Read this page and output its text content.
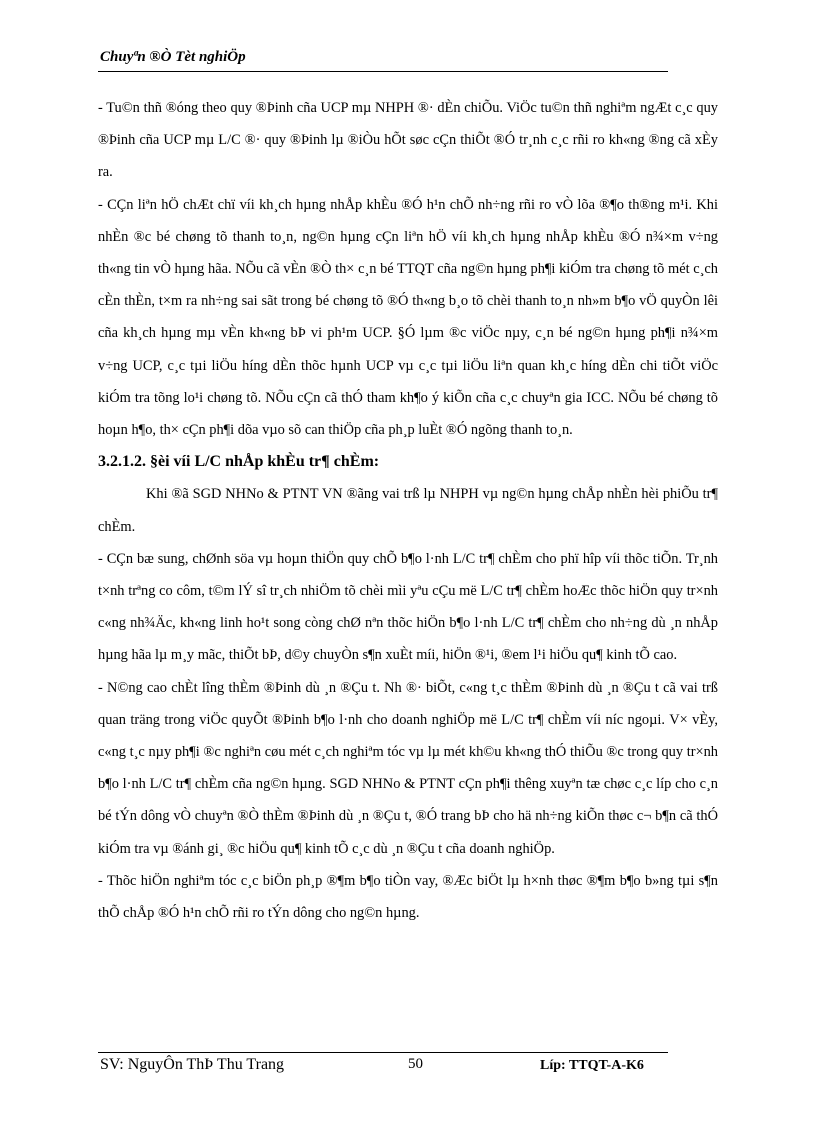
Chuyªn ®Ò Tèt nghiÖp

- Tu©n thñ ®óng theo quy ®Þinh cña UCP mµ NHPH ®· dÈn chiÕu. ViÖc tu©n thñ nghiªm ngÆt c¸c quy ®Þinh cña UCP mµ L/C ®· quy ®Þinh lµ ®iÒu hÕt søc cÇn thiÕt ®Ó tr¸nh c¸c rñi ro kh«ng ®ng cã xÈy ra.

- CÇn liªn hÖ chÆt chï víi kh¸ch hµng nhÅp khÈu ®Ó h¹n chÕ nh÷ng rñi ro vÒ lõa ®¶o th®ng m¹i. Khi nhÈn ®c bé chøng tõ thanh to¸n, ng©n hµng cÇn liªn hÖ víi kh¸ch hµng nhÅp khÈu ®Ó n¾×m v÷ng th«ng tin vÒ hµng hãa. NÕu cã vÈn ®Ò th× c¸n bé TTQT cña ng©n hµng ph¶i kiÓm tra chøng tõ mét c¸ch cÈn thÈn, t×m ra nh÷ng sai sãt trong bé chøng tõ ®Ó th«ng b¸o tõ chèi thanh to¸n nh»m b¶o vÖ quyÒn lêi cña kh¸ch hµng mµ vÈn kh«ng bÞ vi ph¹m UCP. §Ó lµm ®c viÖc nµy, c¸n bé ng©n hµng ph¶i n¾×m v÷ng UCP, c¸c tµi liÖu híng dÈn thõc hµnh UCP vµ c¸c tµi liÖu liªn quan kh¸c híng dÈn chi tiÕt viÖc kiÓm tra tõng lo¹i chøng tõ. NÕu cÇn cã thÓ tham kh¶o ý kiÕn cña c¸c chuyªn gia ICC. NÕu bé chøng tõ hoµn h¶o, th× cÇn ph¶i dõa vµo sõ can thiÖp cña ph¸p luÈt ®Ó ngõng thanh to¸n.

3.2.1.2. §èi víi L/C nhÅp khÈu tr¶ chÈm:

Khi ®ã SGD NHNo & PTNT VN ®ãng vai trß lµ NHPH vµ ng©n hµng chÅp nhÈn hèi phiÕu tr¶ chÈm.

- CÇn bæ sung, chØnh söa vµ hoµn thiÖn quy chÕ b¶o l·nh L/C tr¶ chÈm cho phï hîp víi thõc tiÕn. Tr¸nh t×nh trªng co côm, t©m lÝ sî tr¸ch nhiÖm tõ chèi mìi yªu cÇu më L/C tr¶ chÈm hoÆc thõc hiÖn quy tr×nh c«ng nh¾Äc, kh«ng linh ho¹t song còng chØ nªn thõc hiÖn b¶o l·nh L/C tr¶ chÈm cho nh÷ng dù ¸n nhÅp hµng hãa lµ m¸y mãc, thiÕt bÞ, d©y chuyÒn s¶n xuÈt míi, hiÖn ®¹i, ®em l¹i hiÖu qu¶ kinh tÕ cao.

- N©ng cao chÈt lîng thÈm ®Þinh dù ¸n ®Çu t. Nh ®· biÕt, c«ng t¸c thÈm ®Þinh dù ¸n ®Çu t cã vai trß quan träng trong viÖc quyÕt ®Þinh b¶o l·nh cho doanh nghiÖp më L/C tr¶ chÈm víi níc ngoµi. V× vÈy, c«ng t¸c nµy ph¶i ®c nghiªn cøu mét c¸ch nghiªm tóc vµ lµ mét kh©u kh«ng thÓ thiÕu ®c trong quy tr×nh b¶o l·nh L/C tr¶ chÈm cña ng©n hµng. SGD NHNo & PTNT cÇn ph¶i thêng xuyªn tæ chøc c¸c líp cho c¸n bé tÝn dông vÒ chuyªn ®Ò thÈm ®Þinh dù ¸n ®Çu t, ®Ó trang bÞ cho hä nh÷ng kiÕn thøc c¬ b¶n cã thÓ kiÓm tra vµ ®ánh gi¸ ®c hiÖu qu¶ kinh tÕ c¸c dù ¸n ®Çu t cña doanh nghiÖp.

- Thõc hiÖn nghiªm tóc c¸c biÖn ph¸p ®¶m b¶o tiÒn vay, ®Æc biÖt lµ h×nh thøc ®¶m b¶o b»ng tµi s¶n thÕ chÅp ®Ó h¹n chÕ rñi ro tÝn dông cho ng©n hµng.

SV: NguyÔn ThÞ Thu Trang	50	Líp: TTQT-A-K6
